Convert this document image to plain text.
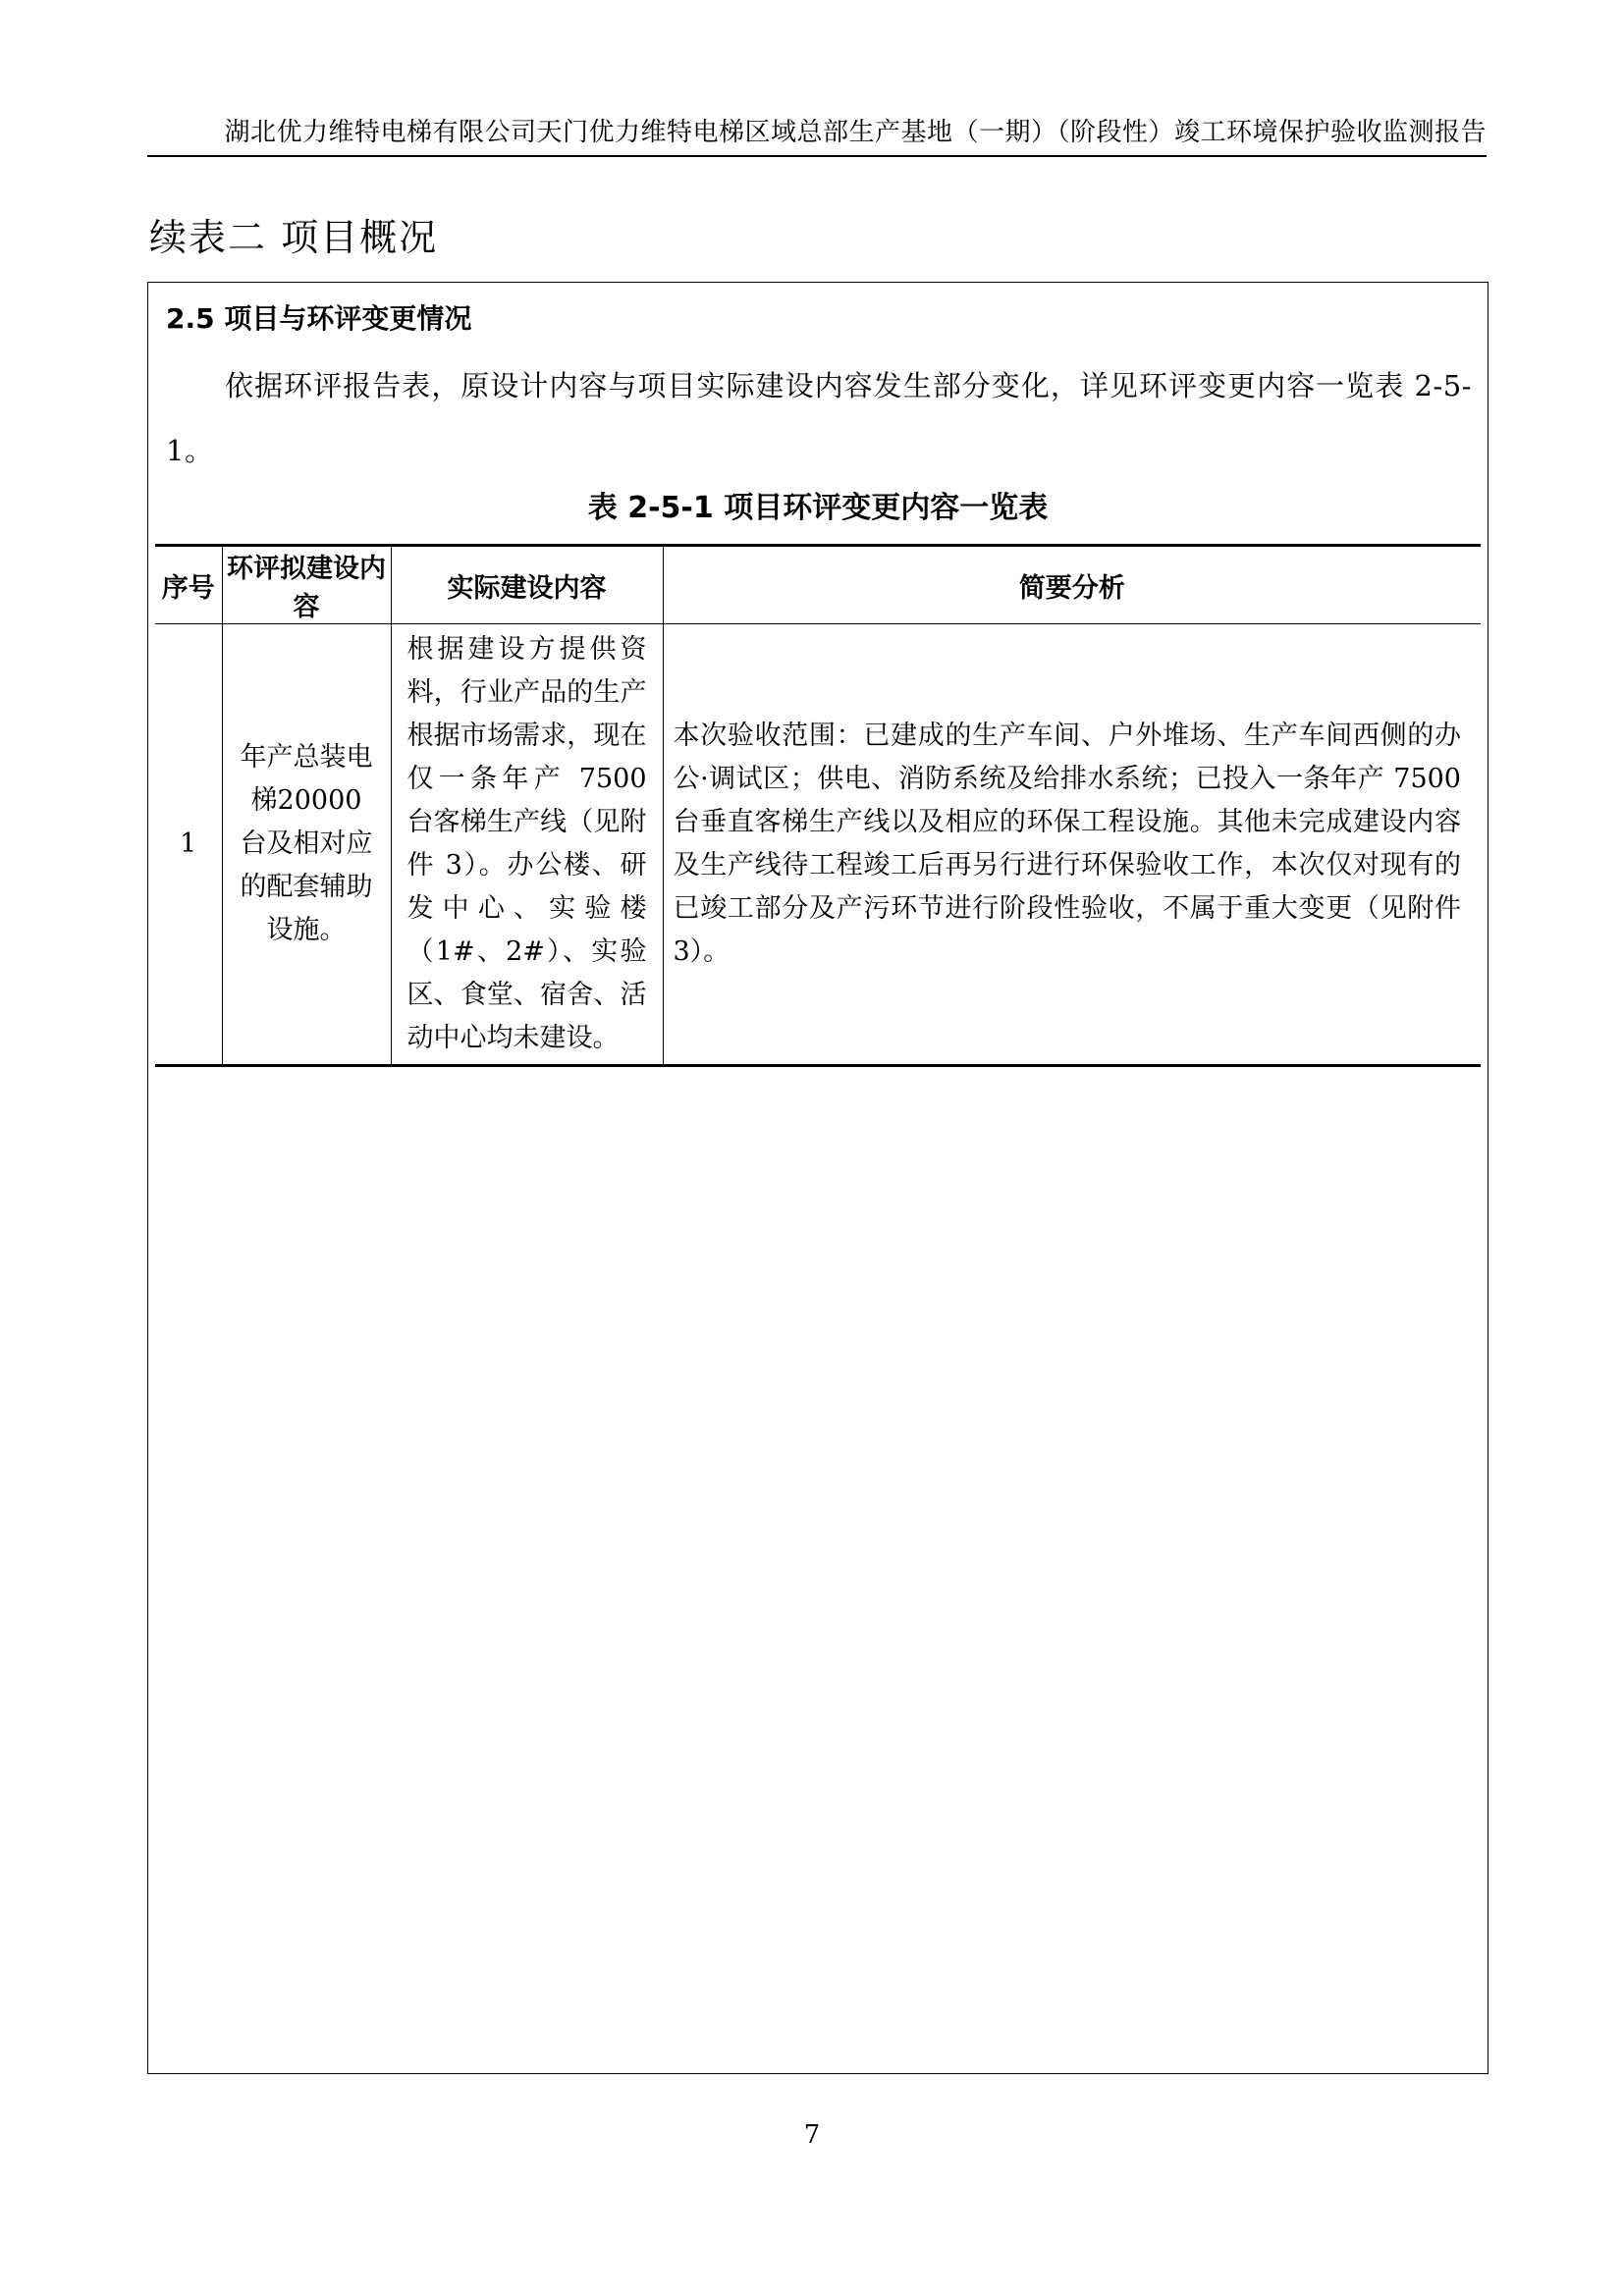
湖北优力维特电梯有限公司天门优力维特电梯区域总部生产基地（一期）（阶段性）竣工环境保护验收监测报告
续表二 项目概况
2.5 项目与环评变更情况
依据环评报告表，原设计内容与项目实际建设内容发生部分变化，详见环评变更内容一览表 2-5-1。
表 2-5-1 项目环评变更内容一览表
序号	环评拟建设内容	实际建设内容	简要分析
1	年产总装电梯20000 台及相对应的配套辅助设施。	根据建设方提供资料，行业产品的生产根据市场需求，现在仅一条年产 7500 台客梯生产线（见附件 3）。办公楼、研发中心、实验楼（1#、2#）、实验区、食堂、宿舍、活动中心均未建设。	本次验收范围：已建成的生产车间、户外堆场、生产车间西侧的办公·调试区；供电、消防系统及给排水系统；已投入一条年产 7500 台垂直客梯生产线以及相应的环保工程设施。其他未完成建设内容及生产线待工程竣工后再另行进行环保验收工作，本次仅对现有的已竣工部分及产污环节进行阶段性验收，不属于重大变更（见附件 3）。
7
